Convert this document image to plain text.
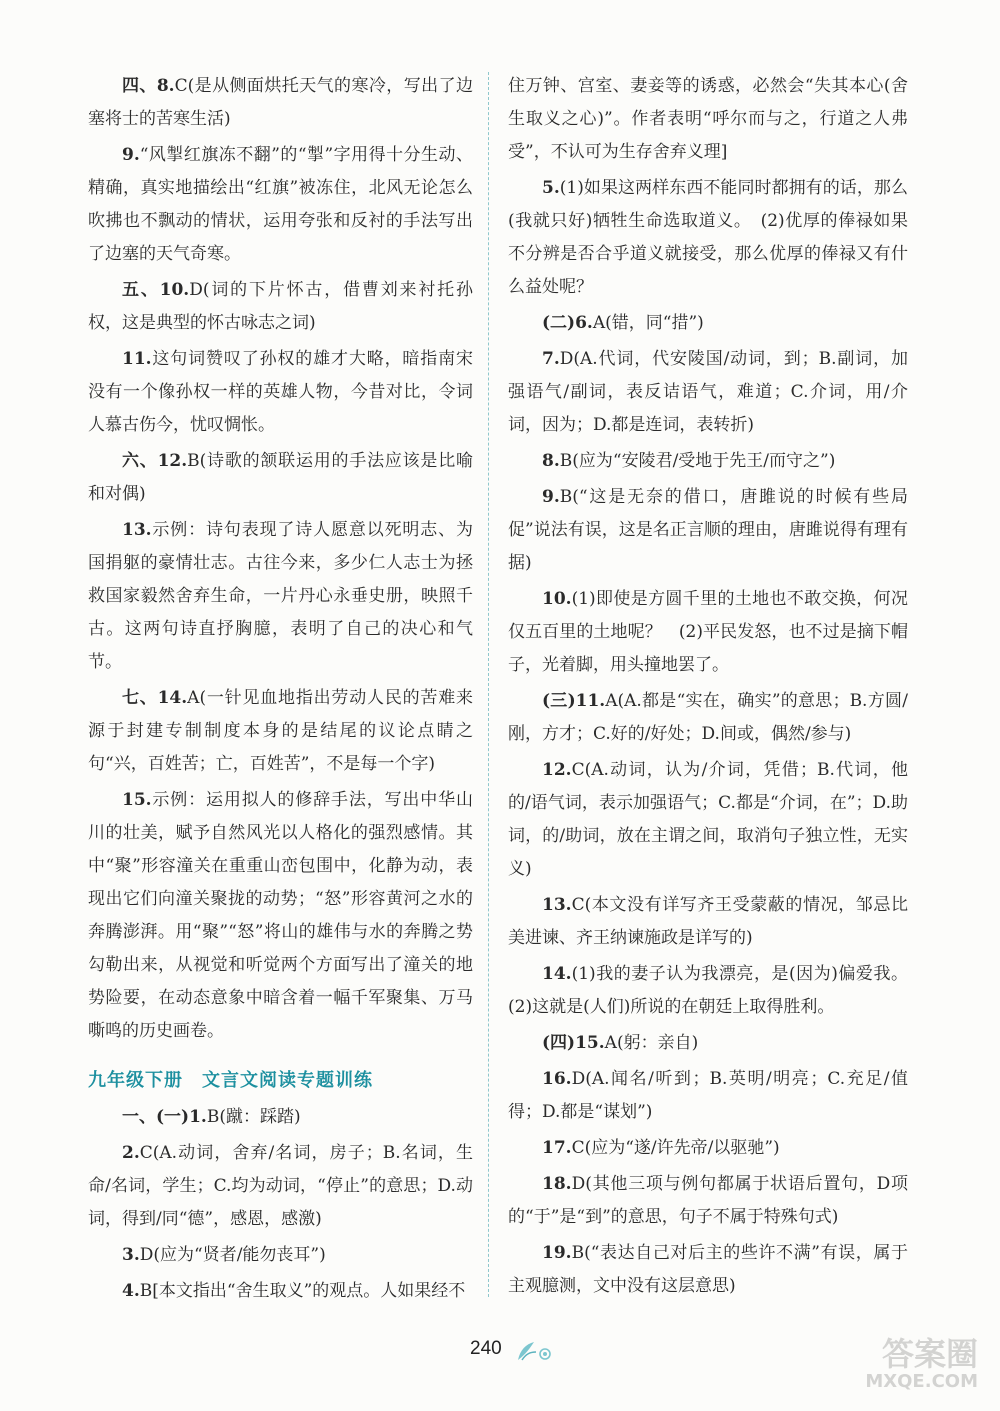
四、8.C(是从侧面烘托天气的寒冷，写出了边塞将士的苦寒生活)

9.“风掣红旗冻不翻”的“掣”字用得十分生动、精确，真实地描绘出“红旗”被冻住，北风无论怎么吹拂也不飘动的情状，运用夸张和反衬的手法写出了边塞的天气奇寒。

五、10.D(词的下片怀古，借曹刘来衬托孙权，这是典型的怀古咏志之词)

11.这句词赞叹了孙权的雄才大略，暗指南宋没有一个像孙权一样的英雄人物，今昔对比，令词人慕古伤今，忧叹惆怅。

六、12.B(诗歌的颔联运用的手法应该是比喻和对偶)

13.示例：诗句表现了诗人愿意以死明志、为国捐躯的豪情壮志。古往今来，多少仁人志士为拯救国家毅然舍弃生命，一片丹心永垂史册，映照千古。这两句诗直抒胸臆，表明了自己的决心和气节。

七、14.A(一针见血地指出劳动人民的苦难来源于封建专制制度本身的是结尾的议论点睛之句“兴，百姓苦；亡，百姓苦”，不是每一个字)

15.示例：运用拟人的修辞手法，写出中华山川的壮美，赋予自然风光以人格化的强烈感情。其中“聚”形容潼关在重重山峦包围中，化静为动，表现出它们向潼关聚拢的动势；“怒”形容黄河之水的奔腾澎湃。用“聚”“怒”将山的雄伟与水的奔腾之势勾勒出来，从视觉和听觉两个方面写出了潼关的地势险要，在动态意象中暗含着一幅千军聚集、万马嘶鸣的历史画卷。

九年级下册　文言文阅读专题训练

一、(一)1.B(蹴：踩踏)

2.C(A.动词，舍弃/名词，房子；B.名词，生命/名词，学生；C.均为动词，“停止”的意思；D.动词，得到/同“德”，感恩，感激)

3.D(应为“贤者/能勿丧耳”)

4.B[本文指出“舍生取义”的观点。人如果经不

住万钟、宫室、妻妾等的诱惑，必然会“失其本心(舍生取义之心)”。作者表明“呼尔而与之，行道之人弗受”，不认可为生存舍弃义理]

5.(1)如果这两样东西不能同时都拥有的话，那么(我就只好)牺牲生命选取道义。　(2)优厚的俸禄如果不分辨是否合乎道义就接受，那么优厚的俸禄又有什么益处呢？

(二)6.A(错，同“措”)

7.D(A.代词，代安陵国/动词，到；B.副词，加强语气/副词，表反诘语气，难道；C.介词，用/介词，因为；D.都是连词，表转折)

8.B(应为“安陵君/受地于先王/而守之”)

9.B(“这是无奈的借口，唐雎说的时候有些局促”说法有误，这是名正言顺的理由，唐雎说得有理有据)

10.(1)即使是方圆千里的土地也不敢交换，何况仅五百里的土地呢？　(2)平民发怒，也不过是摘下帽子，光着脚，用头撞地罢了。

(三)11.A(A.都是“实在，确实”的意思；B.方圆/刚，方才；C.好的/好处；D.间或，偶然/参与)

12.C(A.动词，认为/介词，凭借；B.代词，他的/语气词，表示加强语气；C.都是“介词，在”；D.助词，的/助词，放在主谓之间，取消句子独立性，无实义)

13.C(本文没有详写齐王受蒙蔽的情况，邹忌比美进谏、齐王纳谏施政是详写的)

14.(1)我的妻子认为我漂亮，是(因为)偏爱我。(2)这就是(人们)所说的在朝廷上取得胜利。

(四)15.A(躬：亲自)

16.D(A.闻名/听到；B.英明/明亮；C.充足/值得；D.都是“谋划”)

17.C(应为“遂/许先帝/以驱驰”)

18.D(其他三项与例句都属于状语后置句，D项的“于”是“到”的意思，句子不属于特殊句式)

19.B(“表达自己对后主的些许不满”有误，属于主观臆测，文中没有这层意思)

240	答案圈
MXQE.COM
